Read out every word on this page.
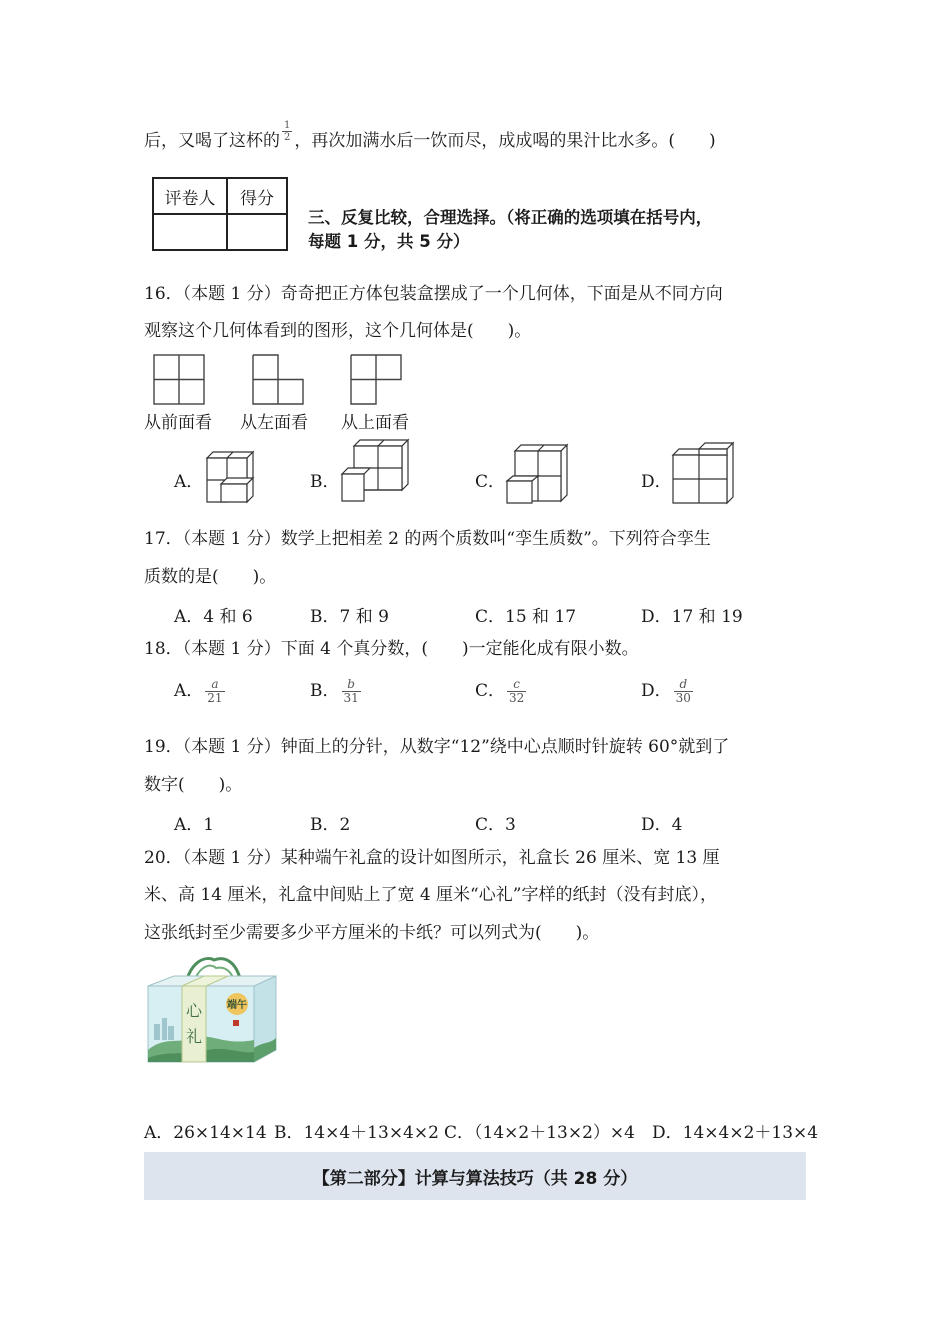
后，又喝了这杯的 $\frac{1}{2}$ ，再次加满水后一饮而尽，成成喝的果汁比水多。(　　)
评卷人	得分

三、反复比较，合理选择。（将正确的选项填在括号内，
每题 1 分，共 5 分）
16．（本题 1 分）奇奇把正方体包装盒摆成了一个几何体，下面是从不同方向
观察这个几何体看到的图形，这个几何体是(　　)。
从前面看 从左面看 从上面看
A．	B．	C．	D．
17．（本题 1 分）数学上把相差 2 的两个质数叫“孪生质数”。下列符合孪生
质数的是(　　)。
A．4 和 6	B．7 和 9	C．15 和 17	D．17 和 19
18．（本题 1 分）下面 4 个真分数，(　　)一定能化成有限小数。
A． $\frac{a}{21}$	B． $\frac{b}{31}$	C． $\frac{c}{32}$	D． $\frac{d}{30}$
19．（本题 1 分）钟面上的分针，从数字“12”绕中心点顺时针旋转 60°就到了
数字(　　)。
A．1	B．2	C．3	D．4
20．（本题 1 分）某种端午礼盒的设计如图所示，礼盒长 26 厘米、宽 13 厘
米、高 14 厘米，礼盒中间贴上了宽 4 厘米“心礼”字样的纸封（没有封底），
这张纸封至少需要多少平方厘米的卡纸？可以列式为(　　)。
心
礼
端午
A．26×14×14 B．14×4＋13×4×2 C．（14×2＋13×2）×4 D．14×4×2＋13×4
【第二部分】计算与算法技巧（共 28 分）
